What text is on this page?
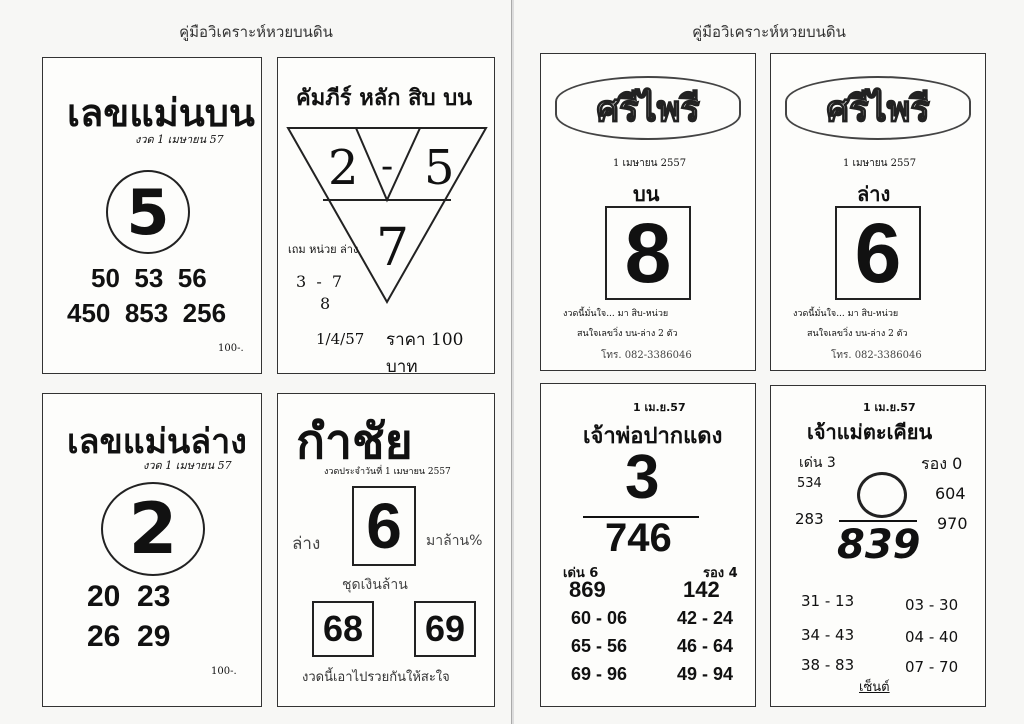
คู่มือวิเคราะห์หวยบนดิน
เลขแม่นบน
งวด 1 เมษายน 57
5
50  53  56
450  853  256
100-.
คัมภีร์ หลัก สิบ บน
2 - 5
7
เถม หน่วย ล่าง
3  -  7
8
1/4/57 ราคา 100 บาท
เลขแม่นล่าง
งวด 1 เมษายน 57
2
20  23
26  29
100-.
กำชัย
งวดประจำวันที่ 1 เมษายน 2557
ล่าง 6	มาล้าน%
ชุดเงินล้าน
68	69
งวดนี้เอาไปรวยกันให้สะใจ
คู่มือวิเคราะห์หวยบนดิน
ศรีไพรี
1 เมษายน 2557
บน
8
งวดนี้มั่นใจ... มา สิบ-หน่วย
สนใจเลขวิ่ง บน-ล่าง 2 ตัว
โทร. 082-3386046
ศรีไพรี
1 เมษายน 2557
ล่าง
6
งวดนี้มั่นใจ... มา สิบ-หน่วย
สนใจเลขวิ่ง บน-ล่าง 2 ตัว
โทร. 082-3386046
1 เม.ย.57
เจ้าพ่อปากแดง
3
746
เด่น 6	รอง 4
869	142
60 - 06	42 - 24
65 - 56	46 - 64
69 - 96	49 - 94
1 เม.ย.57
เจ้าแม่ตะเคียน
เด่น 3	รอง 0
534
604
283	970
839
31 - 13	03 - 30
34 - 43	04 - 40
38 - 83	07 - 70
เซ็นต์
